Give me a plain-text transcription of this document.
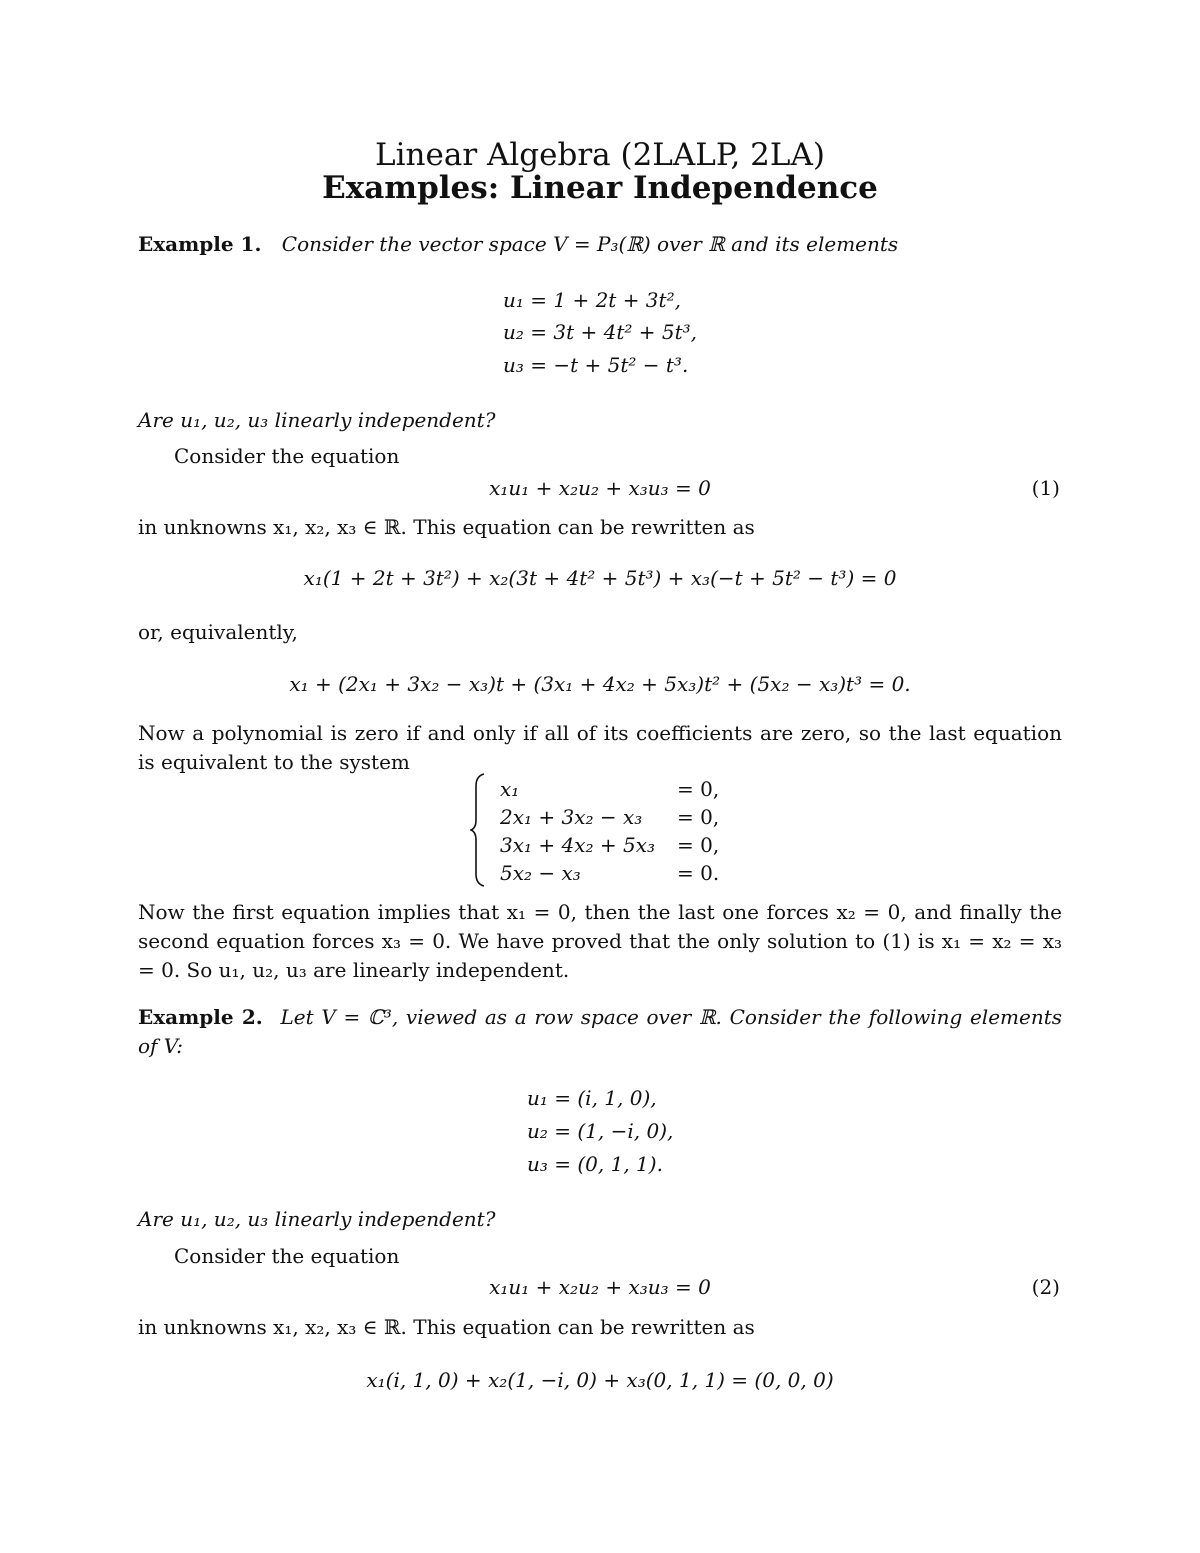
Linear Algebra (2LALP, 2LA)
Examples: Linear Independence
Example 1. Consider the vector space V = P₃(ℝ) over ℝ and its elements
u₁ = 1 + 2t + 3t²,
u₂ = 3t + 4t² + 5t³,
u₃ = −t + 5t² − t³.
Are u₁, u₂, u₃ linearly independent?
Consider the equation
x₁u₁ + x₂u₂ + x₃u₃ = 0	(1)
in unknowns x₁, x₂, x₃ ∈ ℝ. This equation can be rewritten as
x₁(1 + 2t + 3t²) + x₂(3t + 4t² + 5t³) + x₃(−t + 5t² − t³) = 0
or, equivalently,
x₁ + (2x₁ + 3x₂ − x₃)t + (3x₁ + 4x₂ + 5x₃)t² + (5x₂ − x₃)t³ = 0.
Now a polynomial is zero if and only if all of its coefficients are zero, so the last equation is equivalent to the system
x₁	= 0,
2x₁ + 3x₂ − x₃ = 0,
3x₁ + 4x₂ + 5x₃ = 0,
5x₂ − x₃	= 0.
Now the first equation implies that x₁ = 0, then the last one forces x₂ = 0, and finally the second equation forces x₃ = 0. We have proved that the only solution to (1) is x₁ = x₂ = x₃ = 0. So u₁, u₂, u₃ are linearly independent.
Example 2. Let V = ℂ³, viewed as a row space over ℝ. Consider the following elements of V:
u₁ = (i, 1, 0),
u₂ = (1, −i, 0),
u₃ = (0, 1, 1).
Are u₁, u₂, u₃ linearly independent?
Consider the equation
x₁u₁ + x₂u₂ + x₃u₃ = 0	(2)
in unknowns x₁, x₂, x₃ ∈ ℝ. This equation can be rewritten as
x₁(i, 1, 0) + x₂(1, −i, 0) + x₃(0, 1, 1) = (0, 0, 0)
